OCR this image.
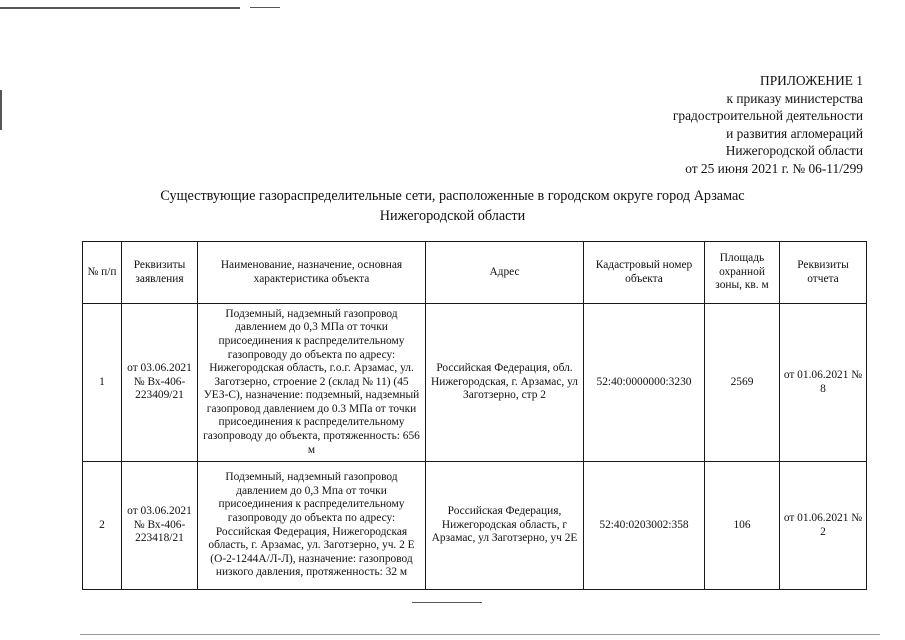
ПРИЛОЖЕНИЕ 1
к приказу министерства
градостроительной деятельности
и развития агломераций
Нижегородской области
от 25 июня 2021 г. № 06-11/299
Существующие газораспределительные сети, расположенные в городском округе город Арзамас
Нижегородской области
№ п/п	Реквизиты заявления	Наименование, назначение, основная характеристика объекта	Адрес	Кадастровый номер объекта	Площадь охранной зоны, кв. м	Реквизиты отчета
1	от 03.06.2021 № Вх-406-223409/21	Подземный, надземный газопровод давлением до 0,3 МПа от точки присоединения к распределительному газопроводу до объекта по адресу: Нижегородская область, г.о.г. Арзамас, ул. Заготзерно, строение 2 (склад № 11) (45 УЕЗ-С), назначение: подземный, надземный газопровод давлением до 0.3 МПа от точки присоединения к распределительному газопроводу до объекта, протяженность: 656 м	Российская Федерация, обл. Нижегородская, г. Арзамас, ул Заготзерно, стр 2	52:40:0000000:3230	2569	от 01.06.2021 № 8
2	от 03.06.2021 № Вх-406-223418/21	Подземный, надземный газопровод давлением до 0,3 Мпа от точки присоединения к распределительному газопроводу до объекта по адресу: Российская Федерация, Нижегородская область, г. Арзамас, ул. Заготзерно, уч. 2 Е (О-2-1244А/Л-Л), назначение: газопровод низкого давления, протяженность: 32 м	Российская Федерация, Нижегородская область, г Арзамас, ул Заготзерно, уч 2Е	52:40:0203002:358	106	от 01.06.2021 № 2
